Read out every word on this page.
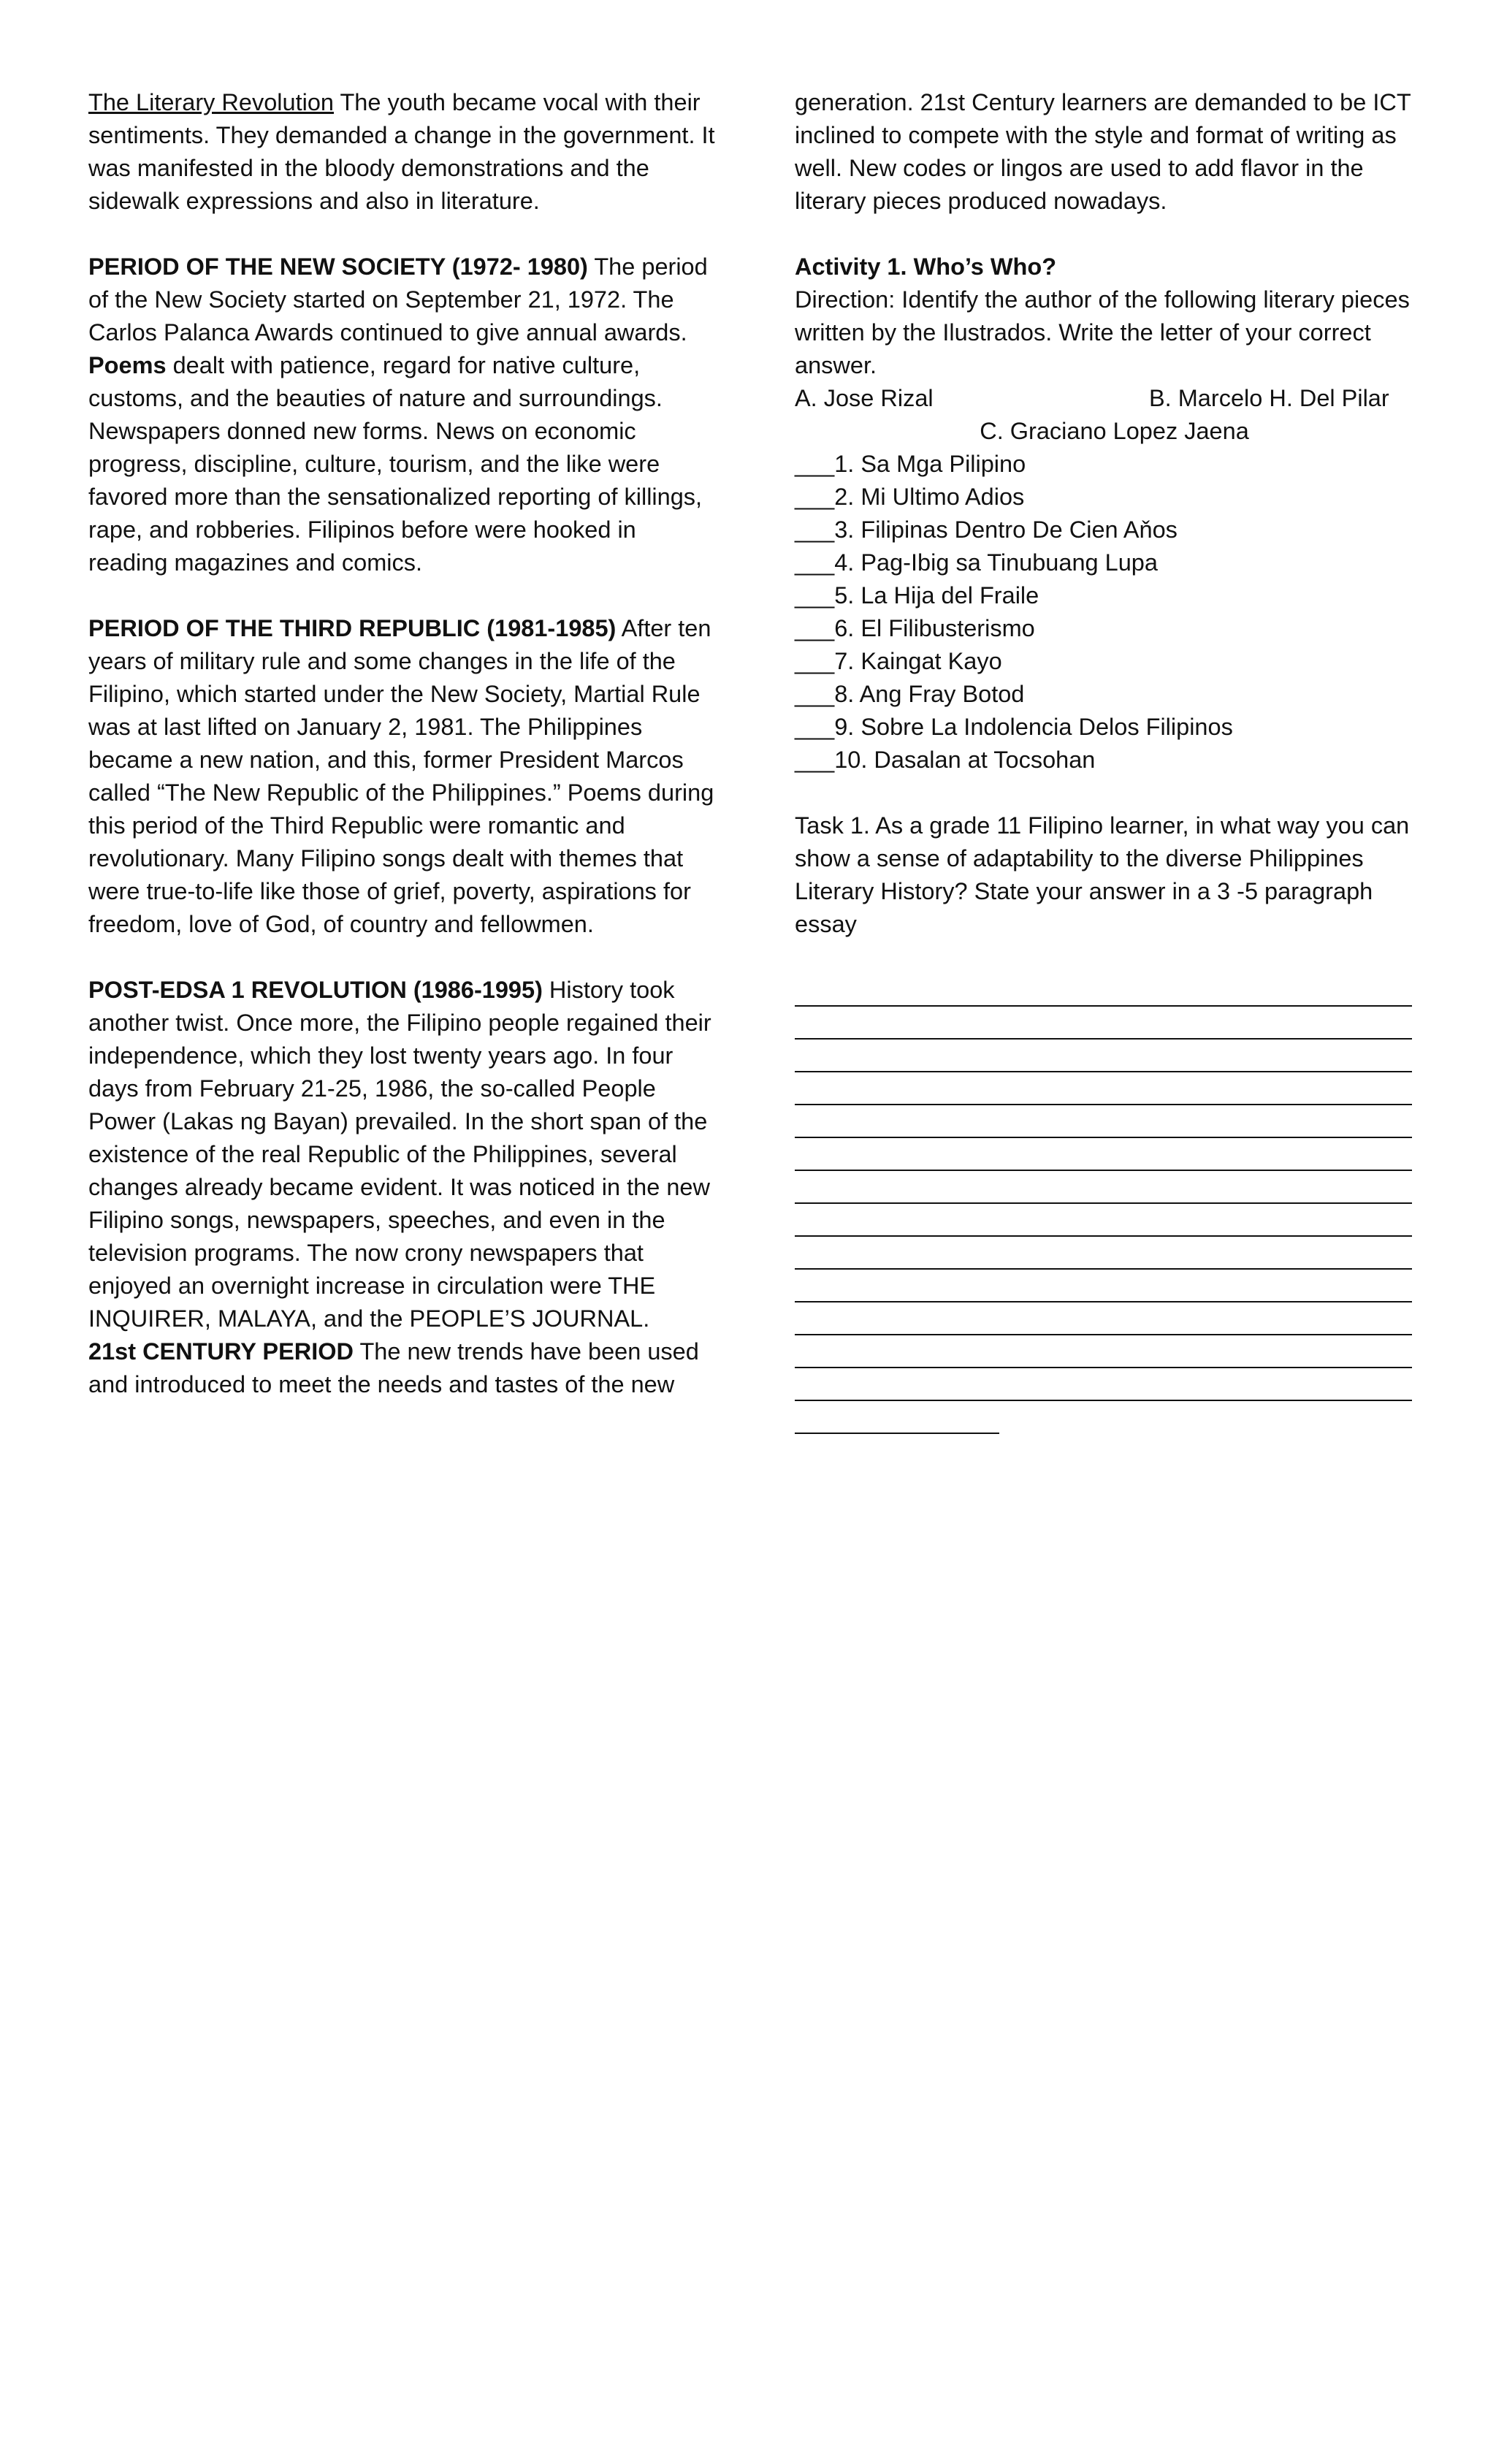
The Literary Revolution The youth became vocal with their sentiments. They demanded a change in the government. It was manifested in the bloody demonstrations and the sidewalk expressions and also in literature.

PERIOD OF THE NEW SOCIETY (1972- 1980) The period of the New Society started on September 21, 1972. The Carlos Palanca Awards continued to give annual awards. Poems dealt with patience, regard for native culture, customs, and the beauties of nature and surroundings. Newspapers donned new forms. News on economic progress, discipline, culture, tourism, and the like were favored more than the sensationalized reporting of killings, rape, and robberies. Filipinos before were hooked in reading magazines and comics.

PERIOD OF THE THIRD REPUBLIC (1981-1985) After ten years of military rule and some changes in the life of the Filipino, which started under the New Society, Martial Rule was at last lifted on January 2, 1981. The Philippines became a new nation, and this, former President Marcos called “The New Republic of the Philippines.” Poems during this period of the Third Republic were romantic and revolutionary. Many Filipino songs dealt with themes that were true-to-life like those of grief, poverty, aspirations for freedom, love of God, of country and fellowmen.

POST-EDSA 1 REVOLUTION (1986-1995) History took another twist. Once more, the Filipino people regained their independence, which they lost twenty years ago. In four days from February 21-25, 1986, the so-called People Power (Lakas ng Bayan) prevailed. In the short span of the existence of the real Republic of the Philippines, several changes already became evident. It was noticed in the new Filipino songs, newspapers, speeches, and even in the television programs. The now crony newspapers that enjoyed an overnight increase in circulation were THE INQUIRER, MALAYA, and the PEOPLE’S JOURNAL.

21st CENTURY PERIOD The new trends have been used and introduced to meet the needs and tastes of the new

generation. 21st Century learners are demanded to be ICT inclined to compete with the style and format of writing as well. New codes or lingos are used to add flavor in the literary pieces produced nowadays.

Activity 1. Who’s Who?

Direction: Identify the author of the following literary pieces written by the Ilustrados. Write the letter of your correct answer.

A. Jose Rizal	B. Marcelo H. Del Pilar
C. Graciano Lopez Jaena
___1. Sa Mga Pilipino
___2. Mi Ultimo Adios
___3. Filipinas Dentro De Cien Aňos
___4. Pag-Ibig sa Tinubuang Lupa
___5. La Hija del Fraile
___6. El Filibusterismo
___7. Kaingat Kayo
___8. Ang Fray Botod
___9. Sobre La Indolencia Delos Filipinos
___10. Dasalan at Tocsohan

Task 1. As a grade 11 Filipino learner, in what way you can show a sense of adaptability to the diverse Philippines Literary History? State your answer in a 3 -5 paragraph essay
